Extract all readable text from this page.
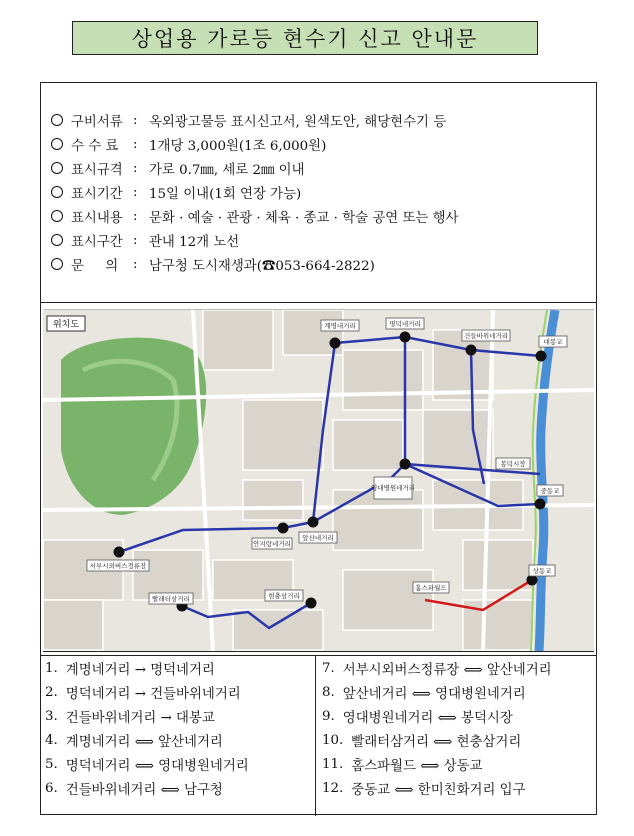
상업용 가로등 현수기 신고 안내문
구비서류 : 옥외광고물등 표시신고서, 원색도안, 해당현수기 등
수 수 료	: 1개당 3,000원(1조 6,000원)
표시규격 : 가로 0.7㎜, 세로 2㎜ 이내
표시기간 : 15일 이내(1회 연장 가능)
표시내용 : 문화 · 예술 · 관광 · 체육 · 종교 · 학술 공연 또는 행사
표시구간 : 관내 12개 노선
문     의	: 남구청 도시재생과(☎053-664-2822)
위치도	계명네거리	명덕네거리
건들바위네거리
대봉교
봉덕시장
중동교
영대병원네거리
앞산네거리
안지랑네거리
서부시외버스정류장
빨래터삼거리	현충삼거리
홈스파월드
상동교
1. 계명네거리 → 명덕네거리
2. 명덕네거리 → 건들바위네거리
3. 건들바위네거리 → 대봉교
4. 계명네거리 ⟺ 앞산네거리
5. 명덕네거리 ⟺ 영대병원네거리
6. 건들바위네거리 ⟺ 남구청
7. 서부시외버스정류장 ⟺ 앞산네거리
8. 앞산네거리 ⟺ 영대병원네거리
9. 영대병원네거리 ⟺ 봉덕시장
10. 빨래터삼거리 ⟺ 현충삼거리
11. 홈스파월드 ⟺ 상동교
12. 중동교 ⟺ 한미친화거리 입구
